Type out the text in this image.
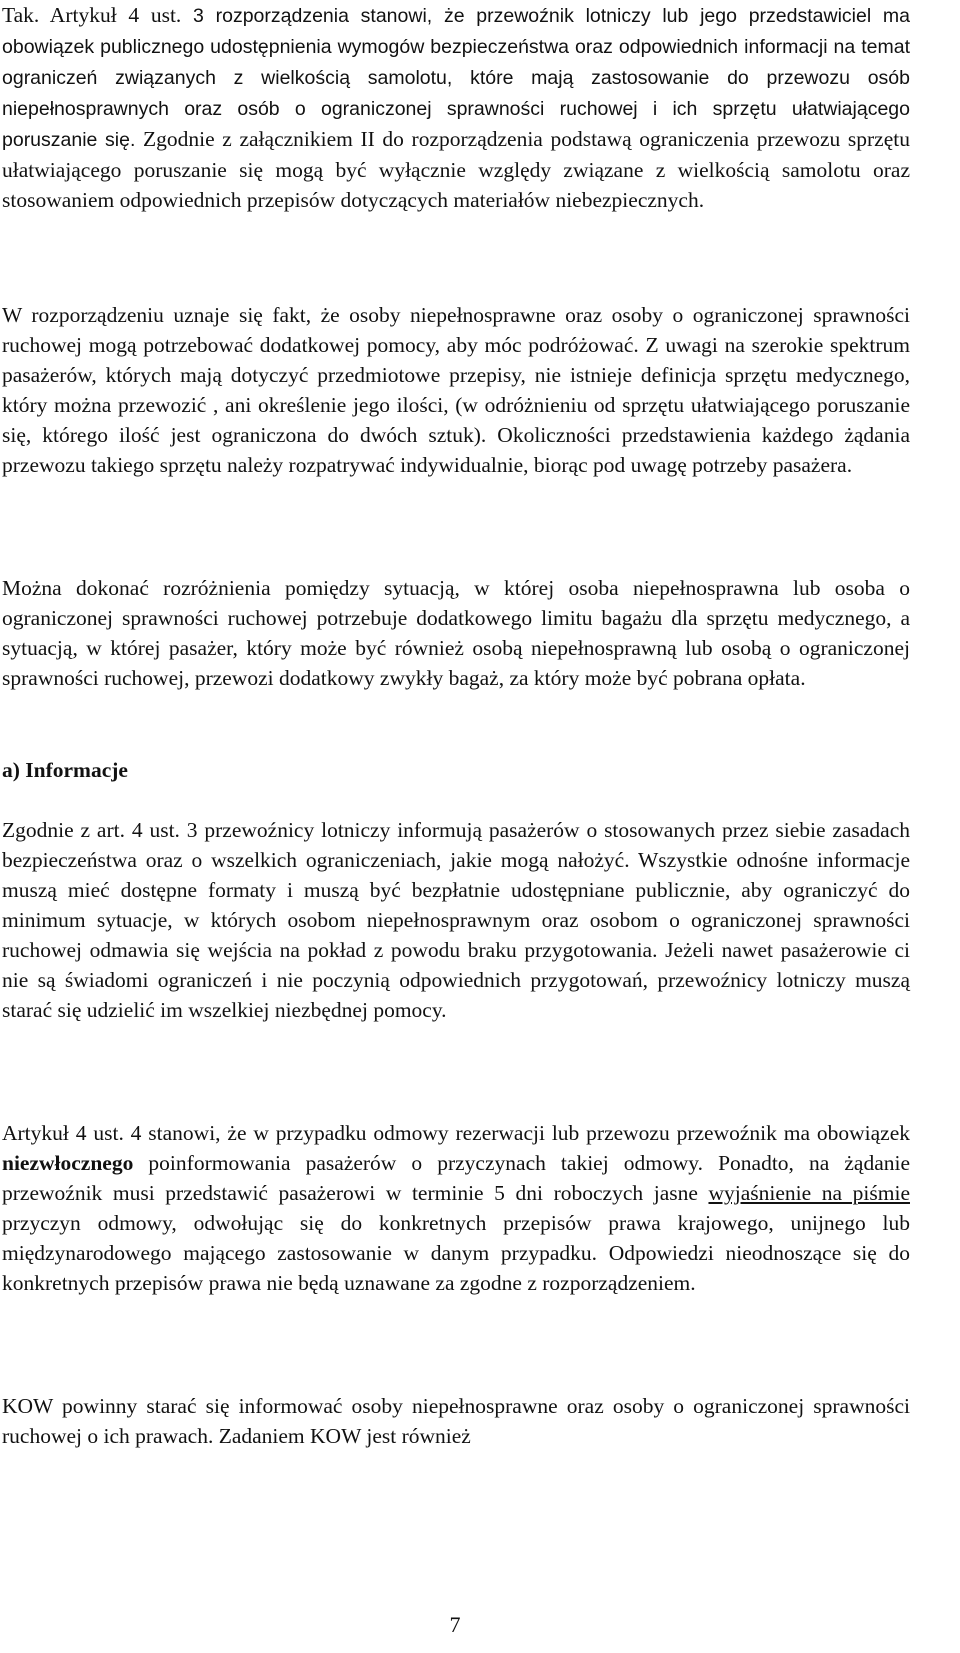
Tak. Artykuł 4 ust. 3 rozporządzenia stanowi, że przewoźnik lotniczy lub jego przedstawiciel ma obowiązek publicznego udostępnienia wymogów bezpieczeństwa oraz odpowiednich informacji na temat ograniczeń związanych z wielkością samolotu, które mają zastosowanie do przewozu osób niepełnosprawnych oraz osób o ograniczonej sprawności ruchowej i ich sprzętu ułatwiającego poruszanie się. Zgodnie z załącznikiem II do rozporządzenia podstawą ograniczenia przewozu sprzętu ułatwiającego poruszanie się mogą być wyłącznie względy związane z wielkością samolotu oraz stosowaniem odpowiednich przepisów dotyczących materiałów niebezpiecznych.

W rozporządzeniu uznaje się fakt, że osoby niepełnosprawne oraz osoby o ograniczonej sprawności ruchowej mogą potrzebować dodatkowej pomocy, aby móc podróżować. Z uwagi na szerokie spektrum pasażerów, których mają dotyczyć przedmiotowe przepisy, nie istnieje definicja sprzętu medycznego, który można przewozić , ani określenie jego ilości, (w odróżnieniu od sprzętu ułatwiającego poruszanie się, którego ilość jest ograniczona do dwóch sztuk). Okoliczności przedstawienia każdego żądania przewozu takiego sprzętu należy rozpatrywać indywidualnie, biorąc pod uwagę potrzeby pasażera.

Można dokonać rozróżnienia pomiędzy sytuacją, w której osoba niepełnosprawna lub osoba o ograniczonej sprawności ruchowej potrzebuje dodatkowego limitu bagażu dla sprzętu medycznego, a sytuacją, w której pasażer, który może być również osobą niepełnosprawną lub osobą o ograniczonej sprawności ruchowej, przewozi dodatkowy zwykły bagaż, za który może być pobrana opłata.

a) Informacje

Zgodnie z art. 4 ust. 3 przewoźnicy lotniczy informują pasażerów o stosowanych przez siebie zasadach bezpieczeństwa oraz o wszelkich ograniczeniach, jakie mogą nałożyć. Wszystkie odnośne informacje muszą mieć dostępne formaty i muszą być bezpłatnie udostępniane publicznie, aby ograniczyć do minimum sytuacje, w których osobom niepełnosprawnym oraz osobom o ograniczonej sprawności ruchowej odmawia się wejścia na pokład z powodu braku przygotowania. Jeżeli nawet pasażerowie ci nie są świadomi ograniczeń i nie poczynią odpowiednich przygotowań, przewoźnicy lotniczy muszą starać się udzielić im wszelkiej niezbędnej pomocy.

Artykuł 4 ust. 4 stanowi, że w przypadku odmowy rezerwacji lub przewozu przewoźnik ma obowiązek niezwłocznego poinformowania pasażerów o przyczynach takiej odmowy. Ponadto, na żądanie przewoźnik musi przedstawić pasażerowi w terminie 5 dni roboczych jasne wyjaśnienie na piśmie przyczyn odmowy, odwołując się do konkretnych przepisów prawa krajowego, unijnego lub międzynarodowego mającego zastosowanie w danym przypadku. Odpowiedzi nieodnoszące się do konkretnych przepisów prawa nie będą uznawane za zgodne z rozporządzeniem.

KOW powinny starać się informować osoby niepełnosprawne oraz osoby o ograniczonej sprawności ruchowej o ich prawach. Zadaniem KOW jest również

7
